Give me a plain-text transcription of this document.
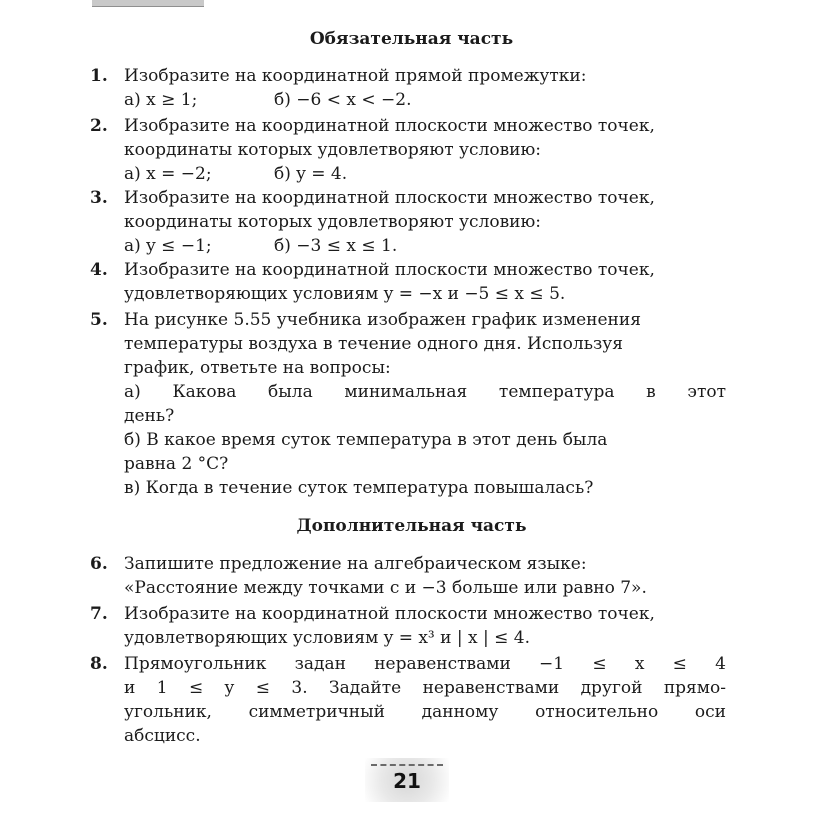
Обязательная часть
1. Изобразите на координатной прямой промежутки:
а) x ≥ 1;	б) −6 < x < −2.
2. Изобразите на координатной плоскости множество точек,
координаты которых удовлетворяют условию:
а) x = −2;	б) y = 4.
3. Изобразите на координатной плоскости множество точек,
координаты которых удовлетворяют условию:
а) y ≤ −1;	б) −3 ≤ x ≤ 1.
4. Изобразите на координатной плоскости множество точек,
удовлетворяющих условиям y = −x и −5 ≤ x ≤ 5.
5. На рисунке 5.55 учебника изображен график изменения
температуры воздуха в течение одного дня. Используя
график, ответьте на вопросы:
а) Какова была минимальная температура в этот
день?
б) В какое время суток температура в этот день была
равна 2 °С?
в) Когда в течение суток температура повышалась?
Дополнительная часть
6. Запишите предложение на алгебраическом языке:
«Расстояние между точками c и −3 больше или равно 7».
7. Изобразите на координатной плоскости множество точек,
удовлетворяющих условиям y = x³ и | x | ≤ 4.
8. Прямоугольник задан неравенствами −1 ≤ x ≤ 4
и 1 ≤ y ≤ 3. Задайте неравенствами другой прямо-
угольник, симметричный данному относительно оси
абсцисс.
21
